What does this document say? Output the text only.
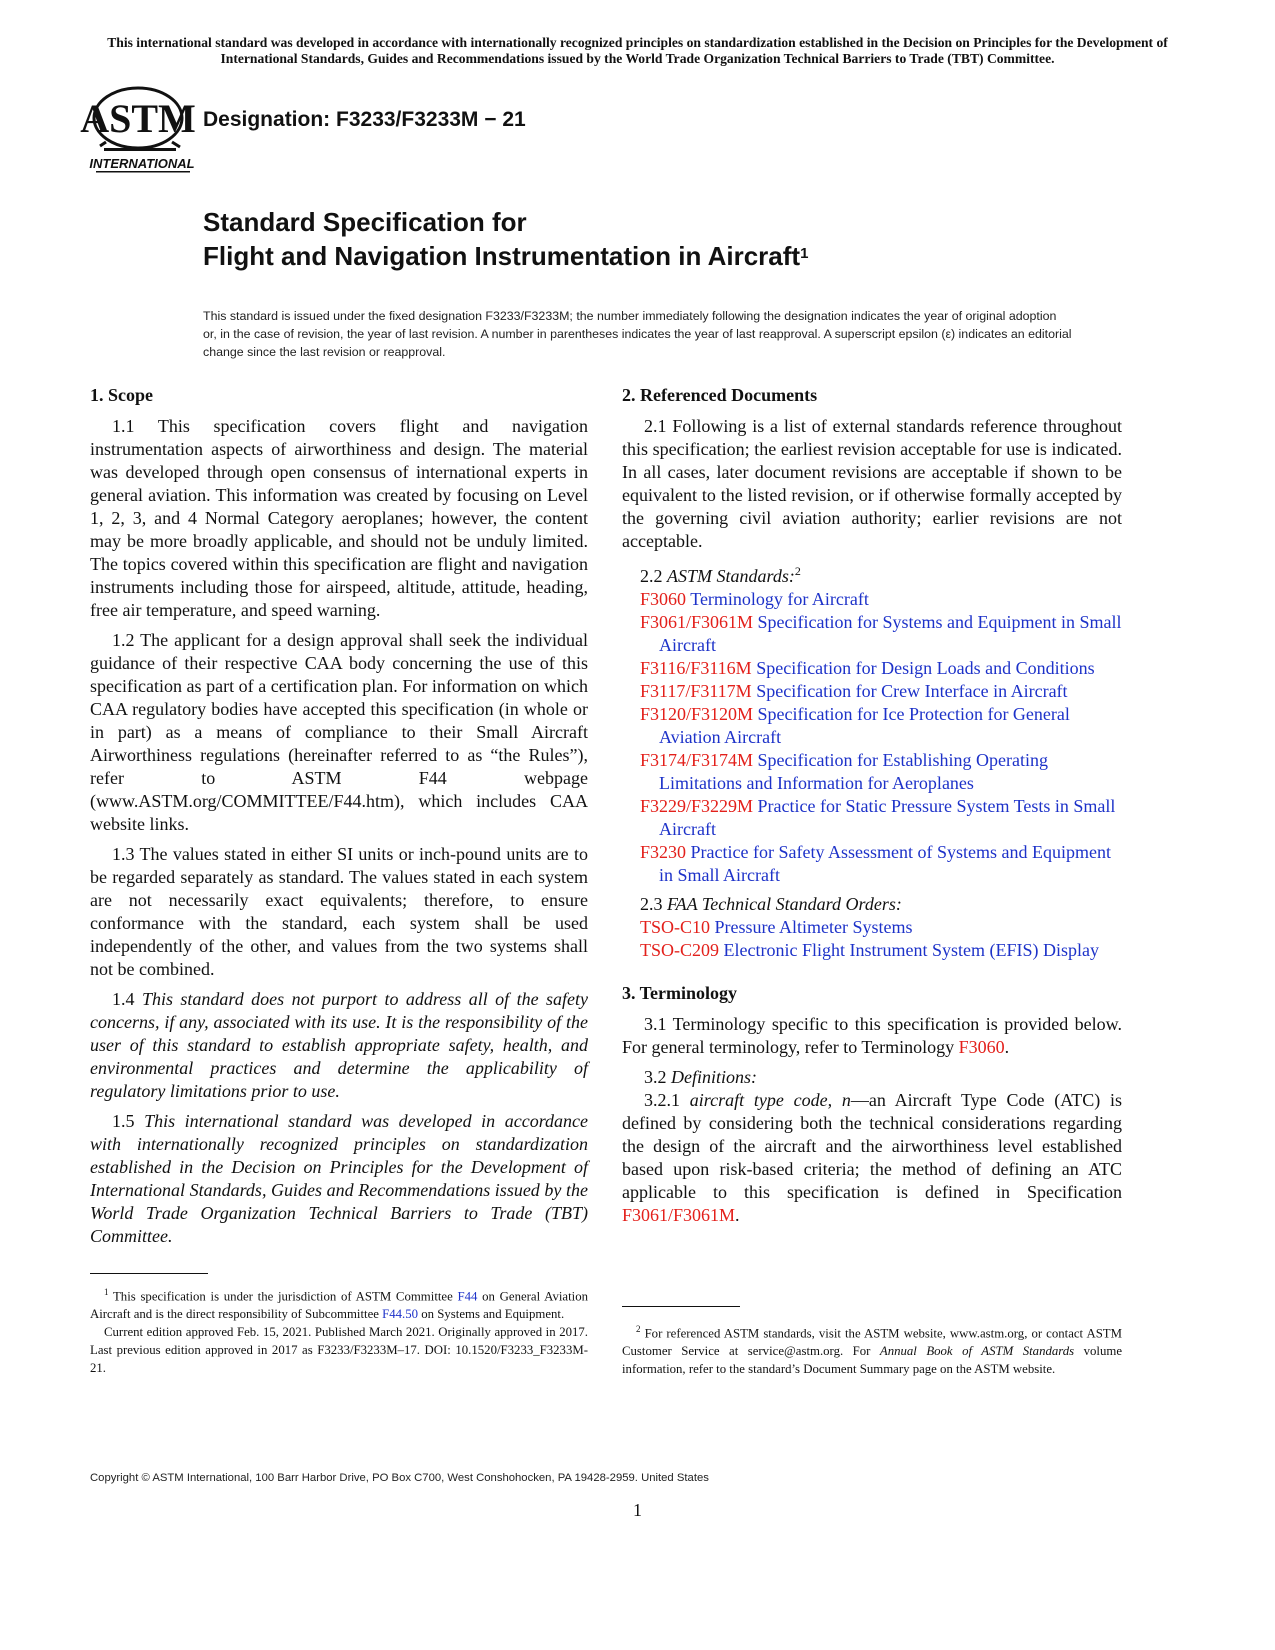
This international standard was developed in accordance with internationally recognized principles on standardization established in the Decision on Principles for the Development of International Standards, Guides and Recommendations issued by the World Trade Organization Technical Barriers to Trade (TBT) Committee.
ASTM
INTERNATIONAL
Designation: F3233/F3233M − 21
Standard Specification for
Flight and Navigation Instrumentation in Aircraft$^1$
This standard is issued under the fixed designation F3233/F3233M; the number immediately following the designation indicates the year of original adoption or, in the case of revision, the year of last revision. A number in parentheses indicates the year of last reapproval. A superscript epsilon (ε) indicates an editorial change since the last revision or reapproval.
1. Scope

1.1 This specification covers flight and navigation instrumentation aspects of airworthiness and design. The material was developed through open consensus of international experts in general aviation. This information was created by focusing on Level 1, 2, 3, and 4 Normal Category aeroplanes; however, the content may be more broadly applicable, and should not be unduly limited. The topics covered within this specification are flight and navigation instruments including those for airspeed, altitude, attitude, heading, free air temperature, and speed warning.

1.2 The applicant for a design approval shall seek the individual guidance of their respective CAA body concerning the use of this specification as part of a certification plan. For information on which CAA regulatory bodies have accepted this specification (in whole or in part) as a means of compliance to their Small Aircraft Airworthiness regulations (hereinafter referred to as “the Rules”), refer to ASTM F44 webpage (www.ASTM.org/COMMITTEE/F44.htm), which includes CAA website links.

1.3 The values stated in either SI units or inch-pound units are to be regarded separately as standard. The values stated in each system are not necessarily exact equivalents; therefore, to ensure conformance with the standard, each system shall be used independently of the other, and values from the two systems shall not be combined.

1.4 This standard does not purport to address all of the safety concerns, if any, associated with its use. It is the responsibility of the user of this standard to establish appropriate safety, health, and environmental practices and determine the applicability of regulatory limitations prior to use.

1.5 This international standard was developed in accordance with internationally recognized principles on standardization established in the Decision on Principles for the Development of International Standards, Guides and Recommendations issued by the World Trade Organization Technical Barriers to Trade (TBT) Committee.

2. Referenced Documents

2.1 Following is a list of external standards reference throughout this specification; the earliest revision acceptable for use is indicated. In all cases, later document revisions are acceptable if shown to be equivalent to the listed revision, or if otherwise formally accepted by the governing civil aviation authority; earlier revisions are not acceptable.

2.2 ASTM Standards:$^2$

F3060 Terminology for Aircraft

F3061/F3061M Specification for Systems and Equipment in Small Aircraft

F3116/F3116M Specification for Design Loads and Conditions

F3117/F3117M Specification for Crew Interface in Aircraft

F3120/F3120M Specification for Ice Protection for General Aviation Aircraft

F3174/F3174M Specification for Establishing Operating Limitations and Information for Aeroplanes

F3229/F3229M Practice for Static Pressure System Tests in Small Aircraft

F3230 Practice for Safety Assessment of Systems and Equipment in Small Aircraft

2.3 FAA Technical Standard Orders:

TSO-C10 Pressure Altimeter Systems

TSO-C209 Electronic Flight Instrument System (EFIS) Display

3. Terminology

3.1 Terminology specific to this specification is provided below. For general terminology, refer to Terminology F3060.

3.2 Definitions:

3.2.1 aircraft type code, n—an Aircraft Type Code (ATC) is defined by considering both the technical considerations regarding the design of the aircraft and the airworthiness level established based upon risk-based criteria; the method of defining an ATC applicable to this specification is defined in Specification F3061/F3061M.

$^1$ This specification is under the jurisdiction of ASTM Committee F44 on General Aviation Aircraft and is the direct responsibility of Subcommittee F44.50 on Systems and Equipment.

Current edition approved Feb. 15, 2021. Published March 2021. Originally approved in 2017. Last previous edition approved in 2017 as F3233/F3233M–17. DOI: 10.1520/F3233_F3233M-21.

$^2$ For referenced ASTM standards, visit the ASTM website, www.astm.org, or contact ASTM Customer Service at service@astm.org. For Annual Book of ASTM Standards volume information, refer to the standard’s Document Summary page on the ASTM website.

Copyright © ASTM International, 100 Barr Harbor Drive, PO Box C700, West Conshohocken, PA 19428-2959. United States
1
